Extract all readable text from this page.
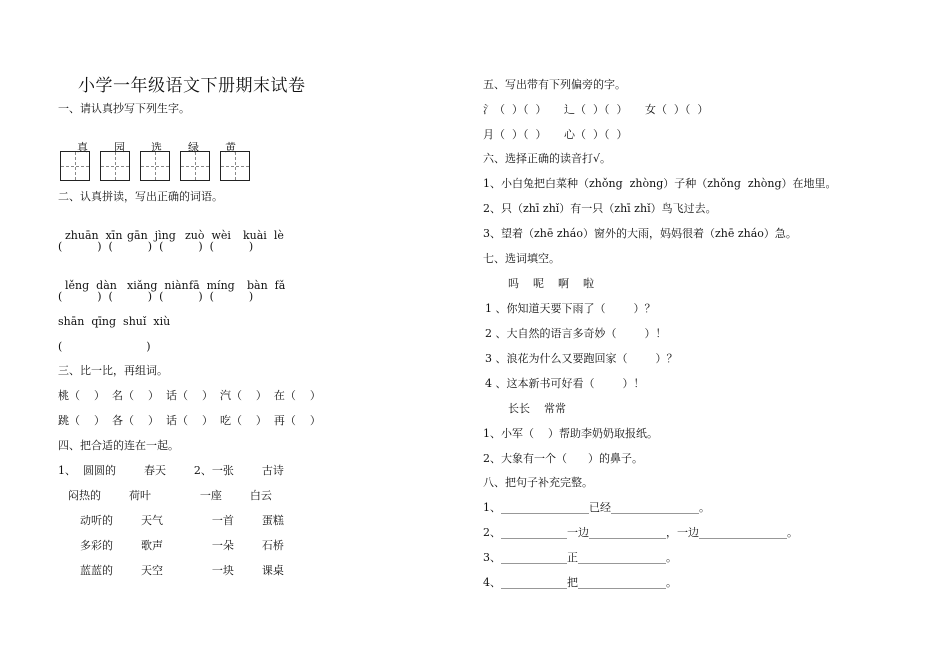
小学一年级语文下册期末试卷
一、请认真抄写下列生字。

真 园 选 绿 黄

二、认真拼读，写出正确的词语。

zhuān  xīn gān  jìng zuò  wèi kuài  lè

(          )  (          )  (          )  (          )

lěng  dàn xiǎng  niànfā  míng bàn  fǎ

(          )  (          )  (          )  (          )
shān  qīng  shuǐ  xiù
(                        )
三、比一比，再组词。
桃（    ）  名（    ）  话（    ）  汽（    ）  在（    ）
跳（    ）  各（    ）  话（    ）  吃（    ）  再（    ）
四、把合适的连在一起。
1、  圆圆的        春天        2、一张        古诗
闷热的        荷叶              一座        白云
动听的        天气              一首        蛋糕
多彩的        歌声              一朵        石桥
蓝蓝的        天空              一块        课桌
五、写出带有下列偏旁的字。
氵（  ）（  ）     辶（  ）（  ）     女（  ）（  ）
月（  ）（  ）     心（  ）（  ）
六、选择正确的读音打√。
1、小白兔把白菜种（zhǒng  zhòng）子种（zhǒng  zhòng）在地里。
2、只（zhī zhǐ）有一只（zhī zhǐ）鸟飞过去。
3、望着（zhē zháo）窗外的大雨，妈妈很着（zhē zháo）急。
七、选词填空。
吗    呢    啊    啦
1 、你知道天要下雨了（        ）？
2 、大自然的语言多奇妙（        ）！
3 、浪花为什么又要跑回家（        ）？
4 、这本新书可好看（        ）！
长长    常常
1、小军（    ）帮助李奶奶取报纸。
2、大象有一个（      ）的鼻子。
八、把句子补充完整。
1、________________已经________________。
2、____________一边______________，一边________________。
3、____________正________________。
4、____________把________________。
